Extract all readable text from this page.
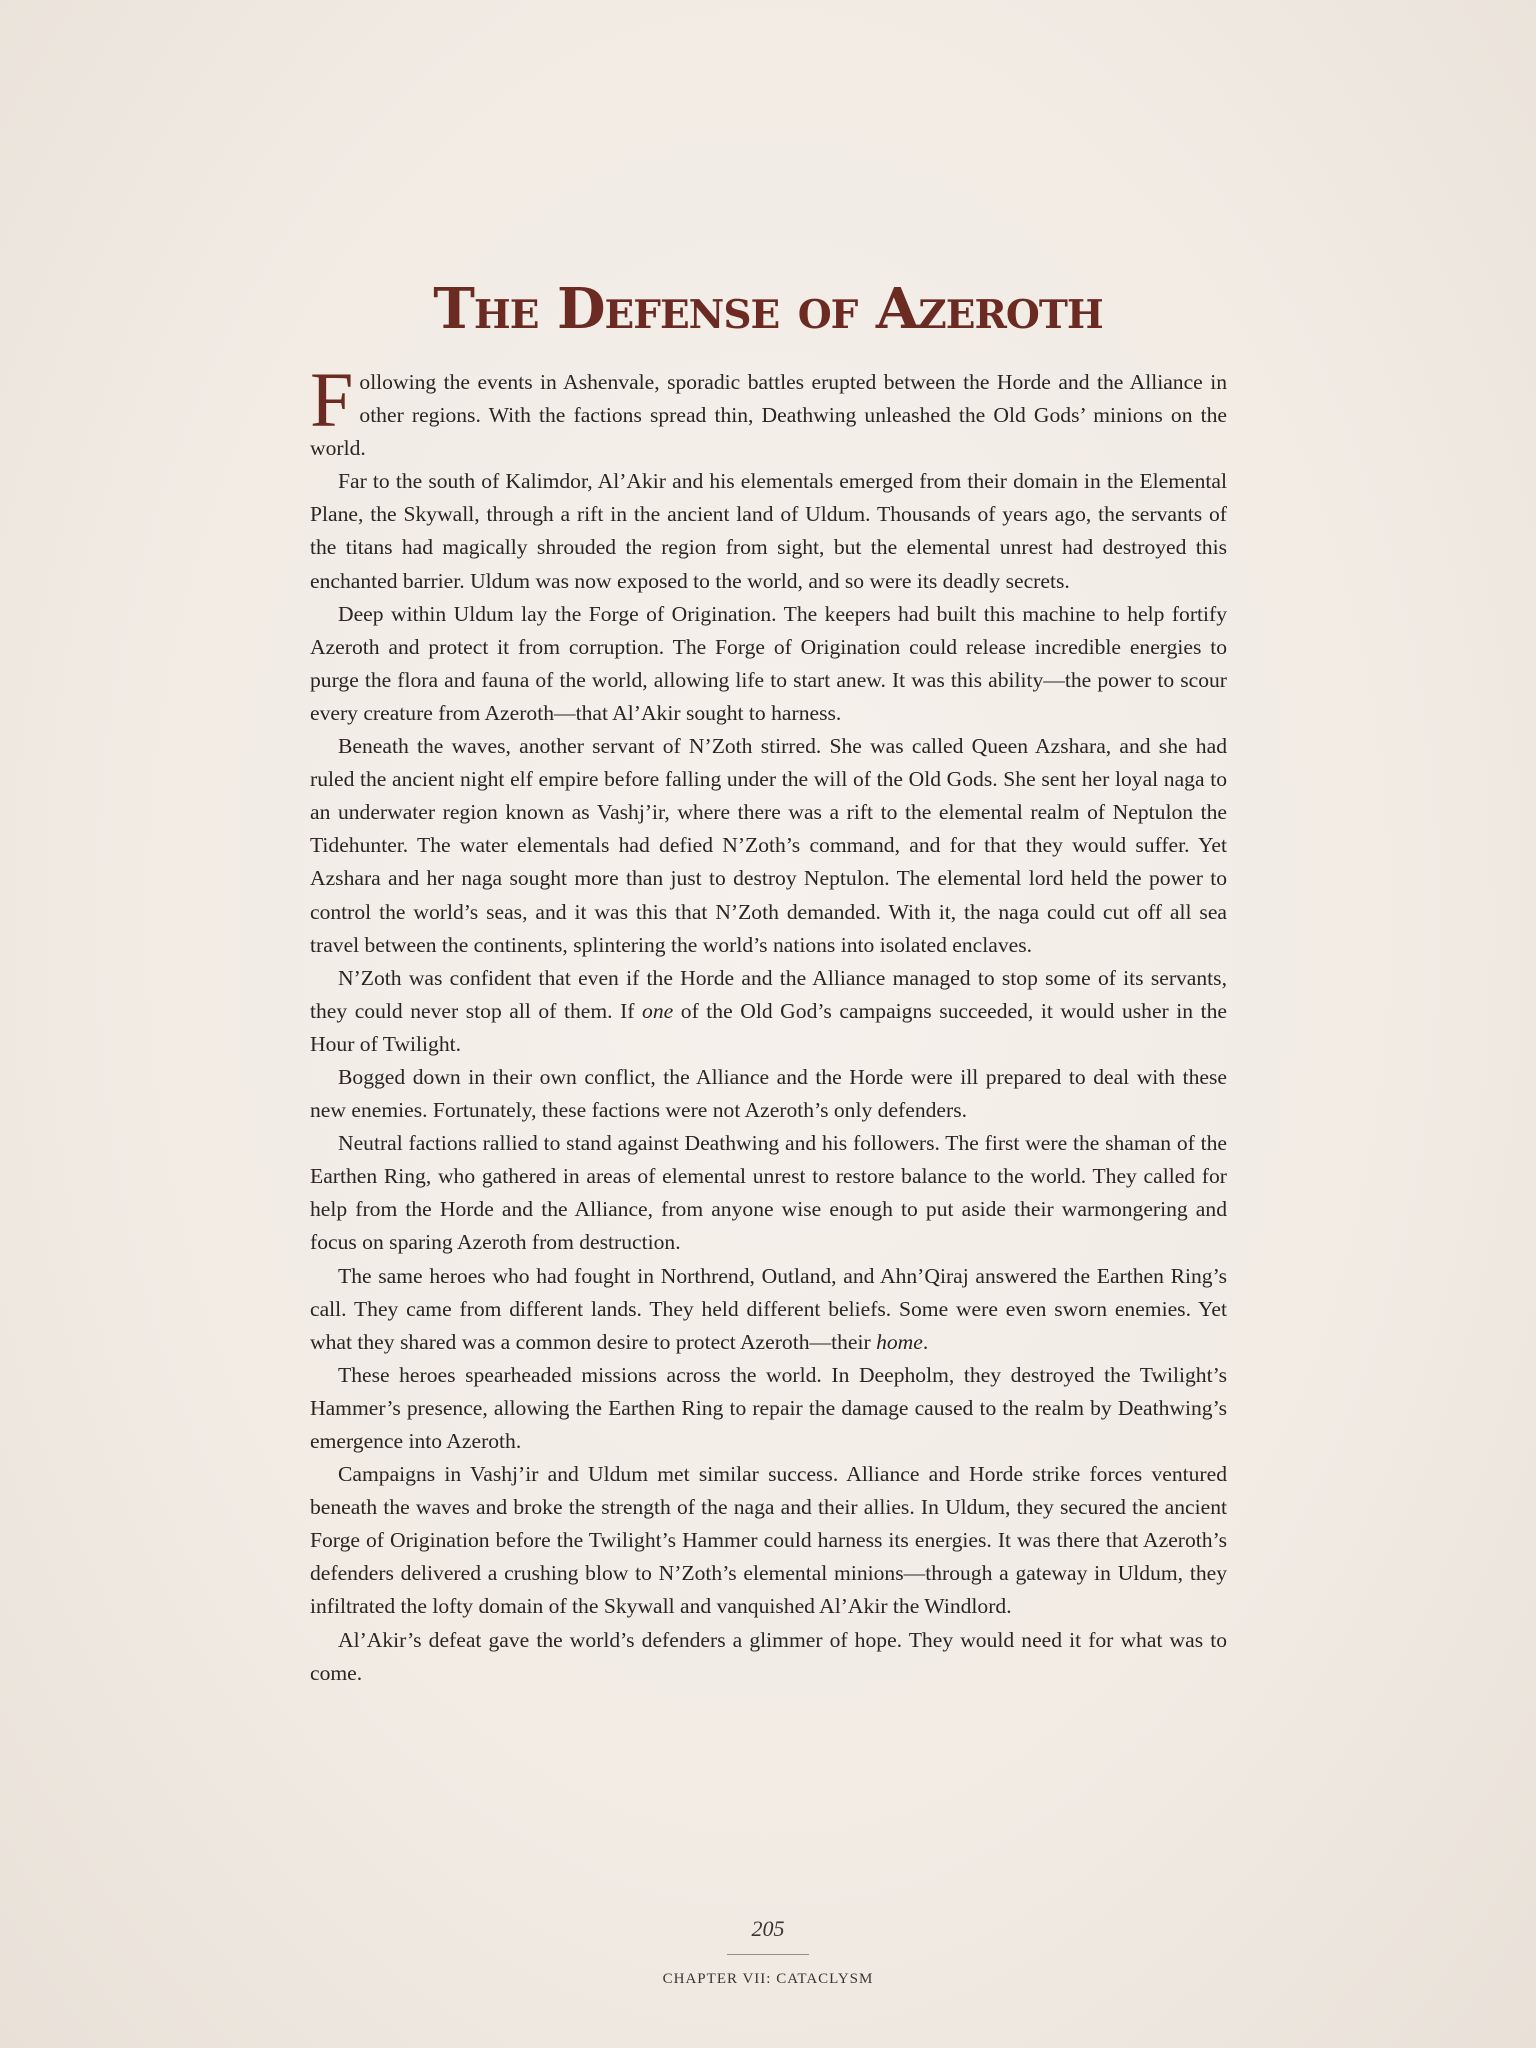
The Defense of Azeroth

Following the events in Ashenvale, sporadic battles erupted between the Horde and the Alliance in other regions. With the factions spread thin, Deathwing unleashed the Old Gods’ minions on the world.

Far to the south of Kalimdor, Al’Akir and his elementals emerged from their domain in the Elemental Plane, the Skywall, through a rift in the ancient land of Uldum. Thousands of years ago, the servants of the titans had magically shrouded the region from sight, but the elemental unrest had destroyed this enchanted barrier. Uldum was now exposed to the world, and so were its deadly secrets.

Deep within Uldum lay the Forge of Origination. The keepers had built this machine to help fortify Azeroth and protect it from corruption. The Forge of Origination could release incredible energies to purge the flora and fauna of the world, allowing life to start anew. It was this ability—the power to scour every creature from Azeroth—that Al’Akir sought to harness.

Beneath the waves, another servant of N’Zoth stirred. She was called Queen Azshara, and she had ruled the ancient night elf empire before falling under the will of the Old Gods. She sent her loyal naga to an underwater region known as Vashj’ir, where there was a rift to the elemental realm of Neptulon the Tidehunter. The water elementals had defied N’Zoth’s command, and for that they would suffer. Yet Azshara and her naga sought more than just to destroy Neptulon. The elemental lord held the power to control the world’s seas, and it was this that N’Zoth demanded. With it, the naga could cut off all sea travel between the continents, splintering the world’s nations into isolated enclaves.

N’Zoth was confident that even if the Horde and the Alliance managed to stop some of its servants, they could never stop all of them. If one of the Old God’s campaigns succeeded, it would usher in the Hour of Twilight.

Bogged down in their own conflict, the Alliance and the Horde were ill prepared to deal with these new enemies. Fortunately, these factions were not Azeroth’s only defenders.

Neutral factions rallied to stand against Deathwing and his followers. The first were the shaman of the Earthen Ring, who gathered in areas of elemental unrest to restore balance to the world. They called for help from the Horde and the Alliance, from anyone wise enough to put aside their warmongering and focus on sparing Azeroth from destruction.

The same heroes who had fought in Northrend, Outland, and Ahn’Qiraj answered the Earthen Ring’s call. They came from different lands. They held different beliefs. Some were even sworn enemies. Yet what they shared was a common desire to protect Azeroth—their home.

These heroes spearheaded missions across the world. In Deepholm, they destroyed the Twilight’s Hammer’s presence, allowing the Earthen Ring to repair the damage caused to the realm by Deathwing’s emergence into Azeroth.

Campaigns in Vashj’ir and Uldum met similar success. Alliance and Horde strike forces ventured beneath the waves and broke the strength of the naga and their allies. In Uldum, they secured the ancient Forge of Origination before the Twilight’s Hammer could harness its energies. It was there that Azeroth’s defenders delivered a crushing blow to N’Zoth’s elemental minions—through a gateway in Uldum, they infiltrated the lofty domain of the Skywall and vanquished Al’Akir the Windlord.

Al’Akir’s defeat gave the world’s defenders a glimmer of hope. They would need it for what was to come.

205
CHAPTER VII: CATACLYSM
